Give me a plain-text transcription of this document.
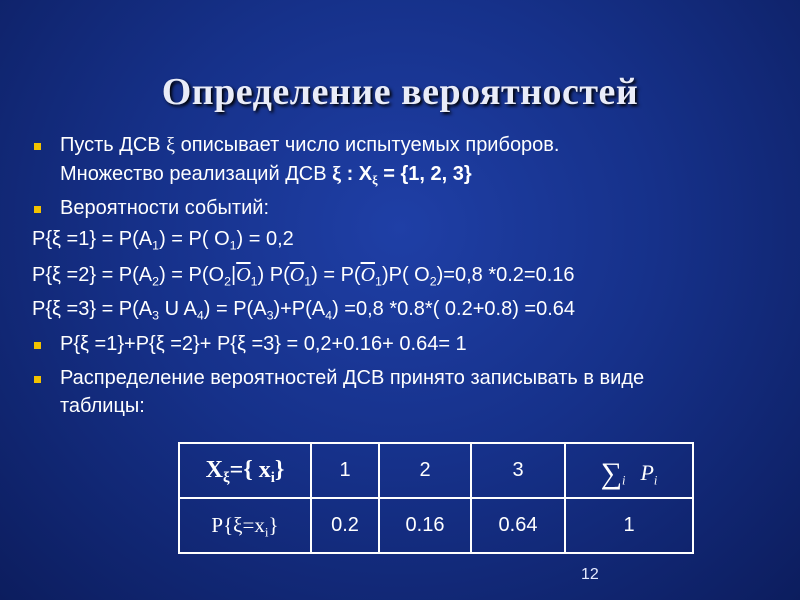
Определение вероятностей
Пусть ДСВ ξ описывает число испытуемых приборов.
Множество реализаций ДСВ ξ : $X_\xi = \{1$, 2, 3}
Вероятности событий:
$P\{\xi =1\} = P(A_1) = P$( $O_1) = 0,2$
$P\{\xi =2\} = P(A_2) = P(O_2|\overline{O}_1) P(\overline{O}_1) = P(\overline{O}_1)P$( $O_2)=0,8$ *0.2=0.16
$P\{\xi =3\} = P(A_3$ U $A_4) = P(A_3)+P(A_4) =0,8$ *0.8*( 0.2+0.8) =0.64
P{ξ =1}+P{ξ =2}+ P{ξ =3} = 0,2+0.16+ 0.64= 1
Распределение вероятностей ДСВ принято записывать в виде
таблицы:
$X_\xi=${ $x_i$}	1	2	3	$\sum_i$ $P_i$
$P\{\xi=x_i\}$	0.2	0.16	0.64	1
12
